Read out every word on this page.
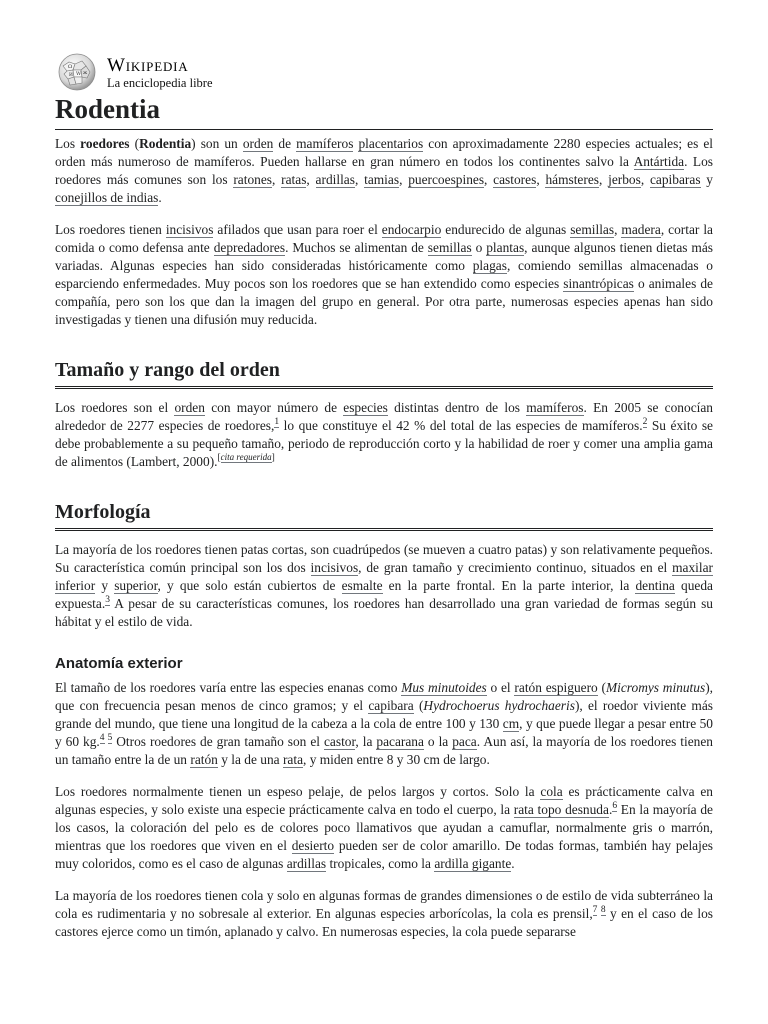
Ω
W ж
И Wikipedia
La enciclopedia libre
Rodentia

Los roedores (Rodentia) son un orden de mamíferos placentarios con aproximadamente 2280 especies actuales; es el orden más numeroso de mamíferos. Pueden hallarse en gran número en todos los continentes salvo la Antártida. Los roedores más comunes son los ratones, ratas, ardillas, tamias, puercoespines, castores, hámsteres, jerbos, capibaras y conejillos de indias.

Los roedores tienen incisivos afilados que usan para roer el endocarpio endurecido de algunas semillas, madera, cortar la comida o como defensa ante depredadores. Muchos se alimentan de semillas o plantas, aunque algunos tienen dietas más variadas. Algunas especies han sido consideradas históricamente como plagas, comiendo semillas almacenadas o esparciendo enfermedades. Muy pocos son los roedores que se han extendido como especies sinantrópicas o animales de compañía, pero son los que dan la imagen del grupo en general. Por otra parte, numerosas especies apenas han sido investigadas y tienen una difusión muy reducida.

Tamaño y rango del orden

Los roedores son el orden con mayor número de especies distintas dentro de los mamíferos. En 2005 se conocían alrededor de 2277 especies de roedores,$^1$ lo que constituye el 42 % del total de las especies de mamíferos.$^2$ Su éxito se debe probablemente a su pequeño tamaño, periodo de reproducción corto y la habilidad de roer y comer una amplia gama de alimentos (Lambert, 2000).[cita requerida]

Morfología

La mayoría de los roedores tienen patas cortas, son cuadrúpedos (se mueven a cuatro patas) y son relativamente pequeños. Su característica común principal son los dos incisivos, de gran tamaño y crecimiento continuo, situados en el maxilar inferior y superior, y que solo están cubiertos de esmalte en la parte frontal. En la parte interior, la dentina queda expuesta.$^3$ A pesar de su características comunes, los roedores han desarrollado una gran variedad de formas según su hábitat y el estilo de vida.

Anatomía exterior

El tamaño de los roedores varía entre las especies enanas como Mus minutoides o el ratón espiguero (Micromys minutus), que con frecuencia pesan menos de cinco gramos; y el capibara (Hydrochoerus hydrochaeris), el roedor viviente más grande del mundo, que tiene una longitud de la cabeza a la cola de entre 100 y 130 cm, y que puede llegar a pesar entre 50 y 60 kg.$^{4 5}$ Otros roedores de gran tamaño son el castor, la pacarana o la paca. Aun así, la mayoría de los roedores tienen un tamaño entre la de un ratón y la de una rata, y miden entre 8 y 30 cm de largo.

Los roedores normalmente tienen un espeso pelaje, de pelos largos y cortos. Solo la cola es prácticamente calva en algunas especies, y solo existe una especie prácticamente calva en todo el cuerpo, la rata topo desnuda.$^6$ En la mayoría de los casos, la coloración del pelo es de colores poco llamativos que ayudan a camuflar, normalmente gris o marrón, mientras que los roedores que viven en el desierto pueden ser de color amarillo. De todas formas, también hay pelajes muy coloridos, como es el caso de algunas ardillas tropicales, como la ardilla gigante.

La mayoría de los roedores tienen cola y solo en algunas formas de grandes dimensiones o de estilo de vida subterráneo la cola es rudimentaria y no sobresale al exterior. En algunas especies arborícolas, la cola es prensil,$^{7 8}$ y en el caso de los castores ejerce como un timón, aplanado y calvo. En numerosas especies, la cola puede separarse
